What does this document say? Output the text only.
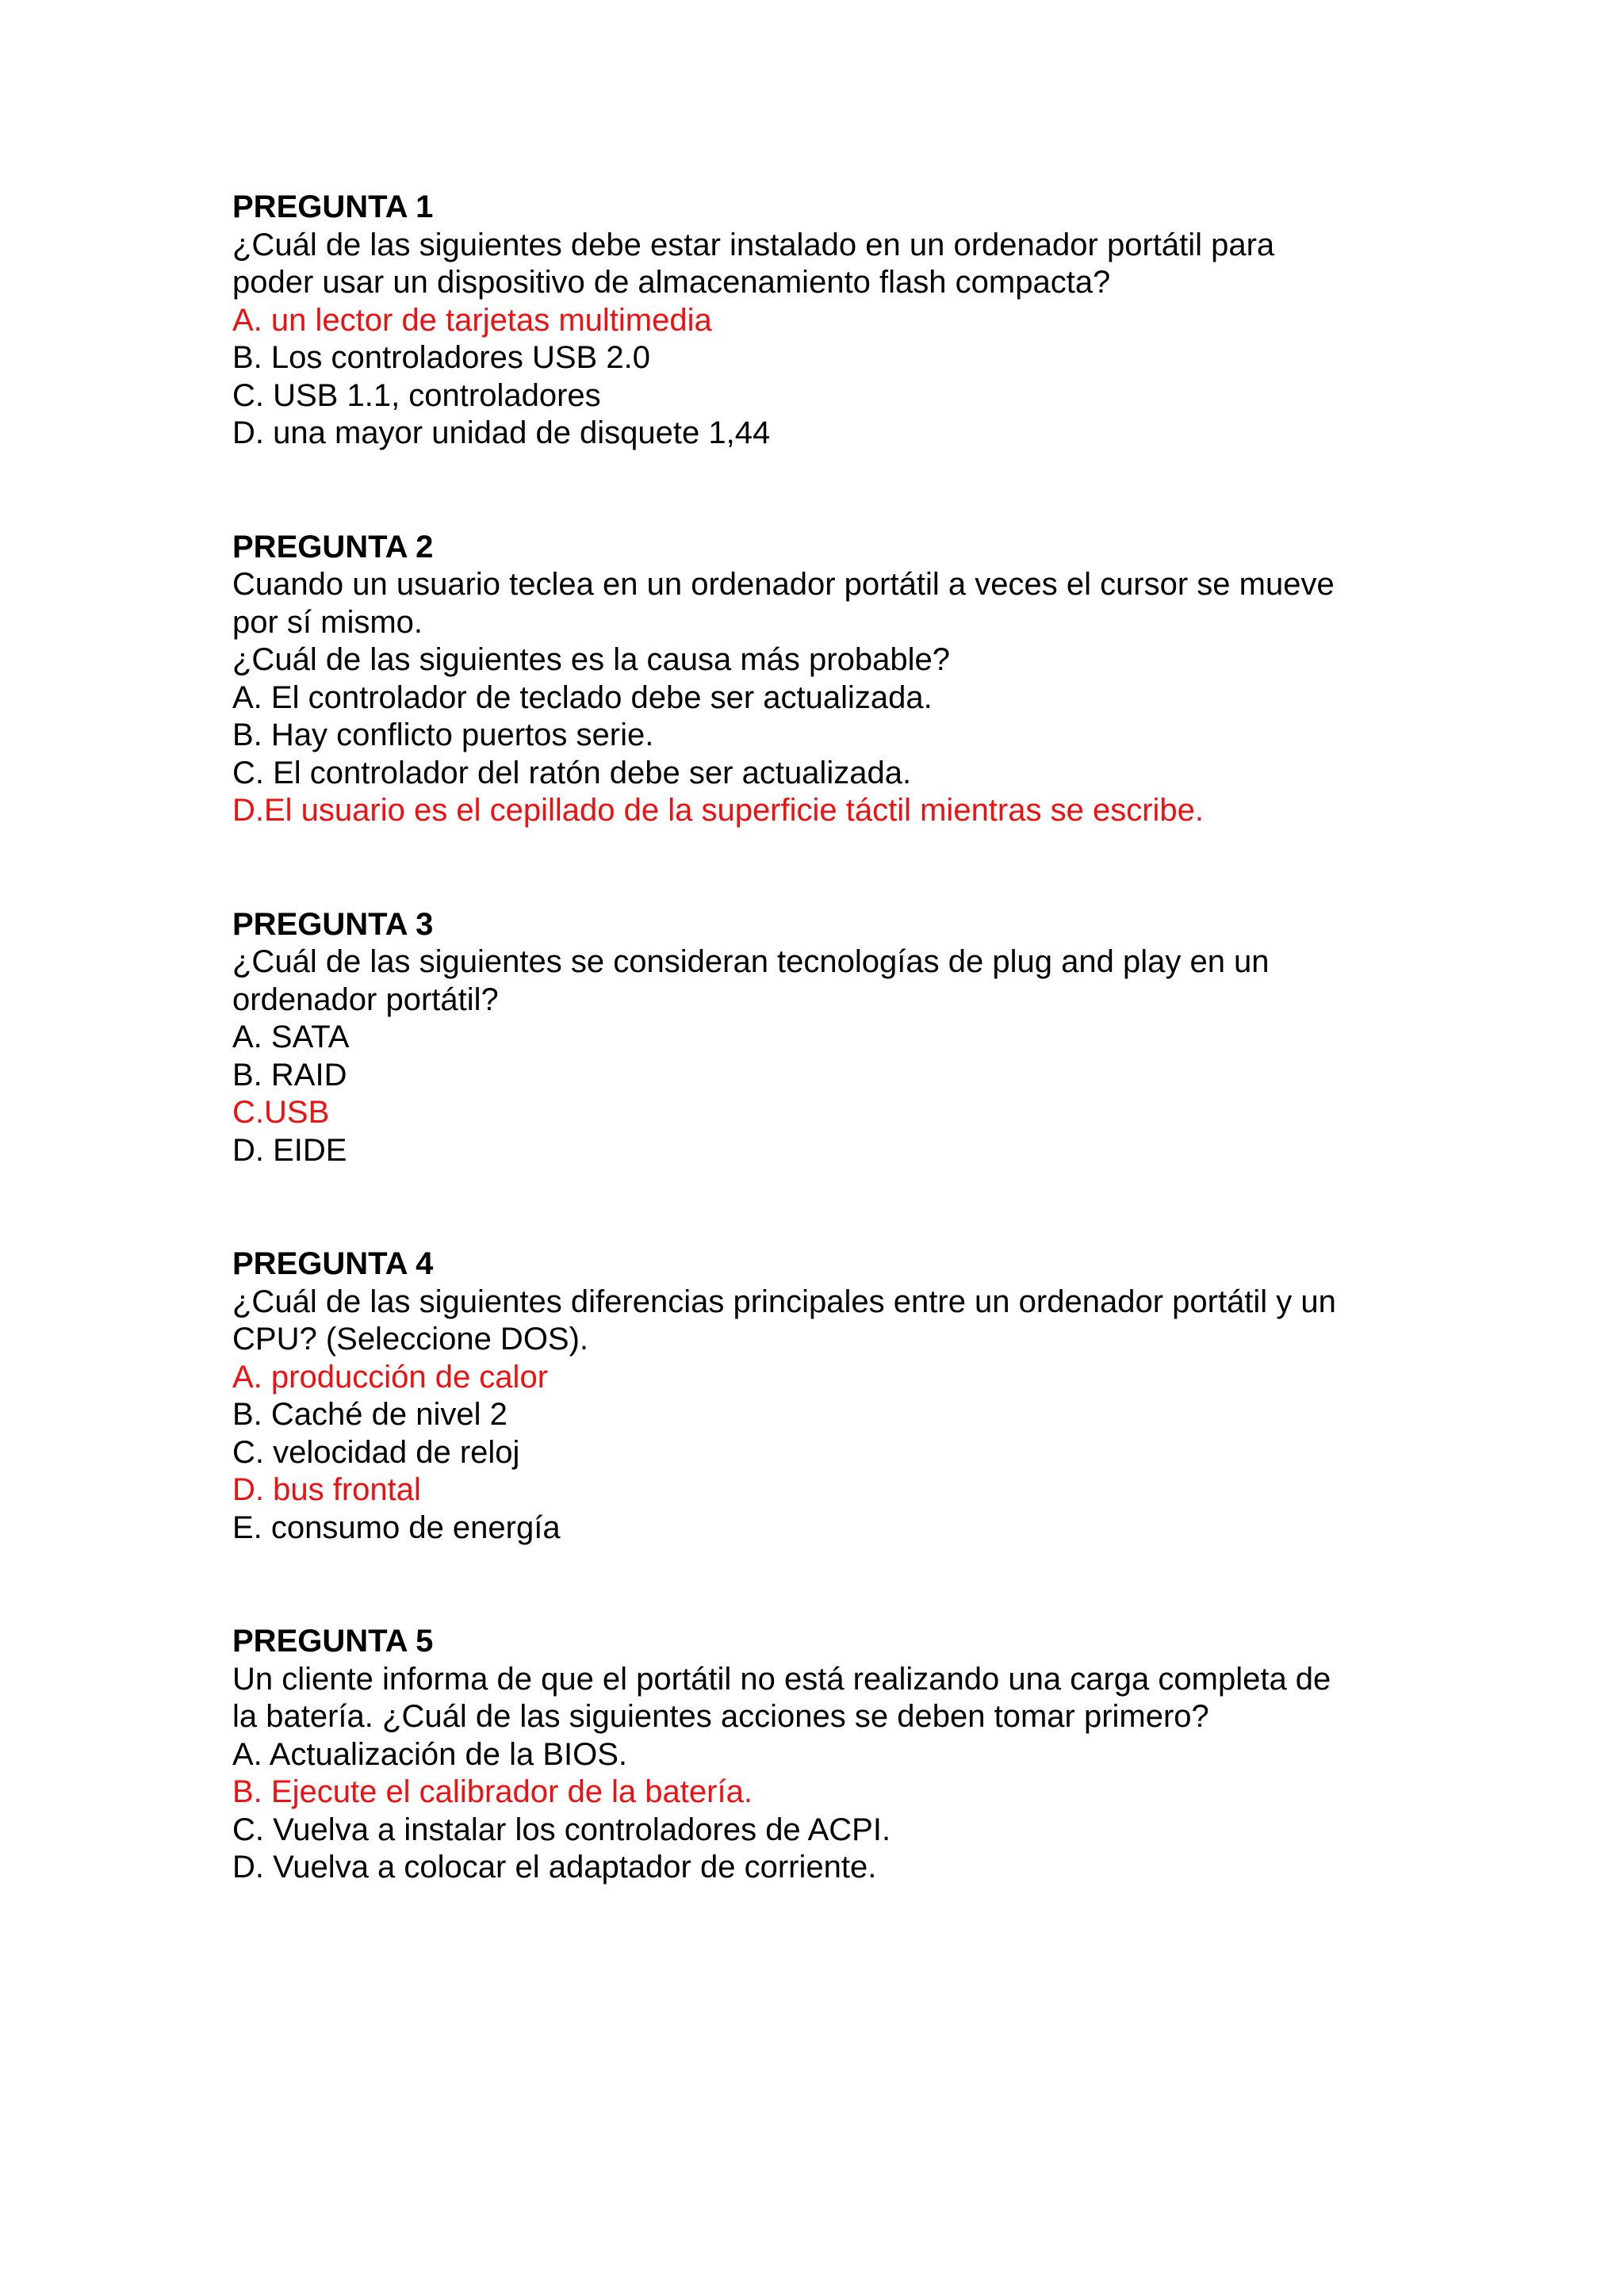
PREGUNTA 1

¿Cuál de las siguientes debe estar instalado en un ordenador portátil para

poder usar un dispositivo de almacenamiento flash compacta?

A. un lector de tarjetas multimedia

B. Los controladores USB 2.0

C. USB 1.1, controladores

D. una mayor unidad de disquete 1,44

PREGUNTA 2

Cuando un usuario teclea en un ordenador portátil a veces el cursor se mueve

por sí mismo.

¿Cuál de las siguientes es la causa más probable?

A. El controlador de teclado debe ser actualizada.

B. Hay conflicto puertos serie.

C. El controlador del ratón debe ser actualizada.

D.El usuario es el cepillado de la superficie táctil mientras se escribe.

PREGUNTA 3

¿Cuál de las siguientes se consideran tecnologías de plug and play en un

ordenador portátil?

A. SATA

B. RAID

C.USB

D. EIDE

PREGUNTA 4

¿Cuál de las siguientes diferencias principales entre un ordenador portátil y un

CPU? (Seleccione DOS).

A. producción de calor

B. Caché de nivel 2

C. velocidad de reloj

D. bus frontal

E. consumo de energía

PREGUNTA 5

Un cliente informa de que el portátil no está realizando una carga completa de

la batería. ¿Cuál de las siguientes acciones se deben tomar primero?

A. Actualización de la BIOS.

B. Ejecute el calibrador de la batería.

C. Vuelva a instalar los controladores de ACPI.

D. Vuelva a colocar el adaptador de corriente.
